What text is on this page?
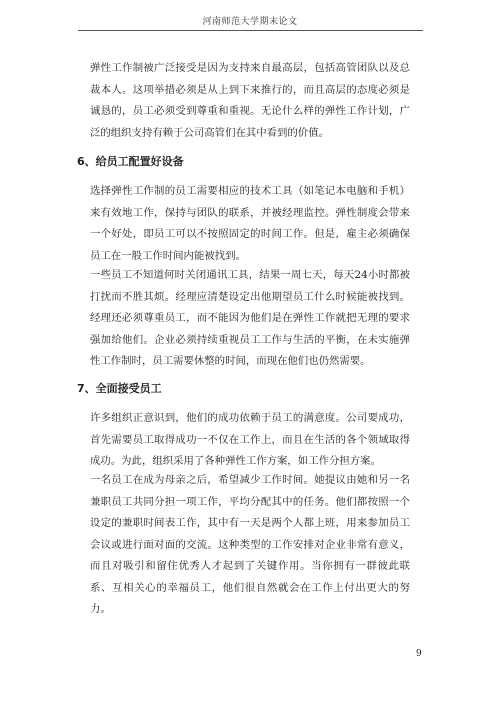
河南师范大学期末论文

弹性工作制被广泛接受是因为支持来自最高层，包括高管团队以及总裁本人。这项举措必须是从上到下来推行的，而且高层的态度必须是诚恳的，员工必须受到尊重和重视。无论什么样的弹性工作计划，广泛的组织支持有赖于公司高管们在其中看到的价值。

6、给员工配置好设备

选择弹性工作制的员工需要相应的技术工具（如笔记本电脑和手机）来有效地工作，保持与团队的联系，并被经理监控。弹性制度会带来一个好处，即员工可以不按照固定的时间工作。但是，雇主必须确保员工在一般工作时间内能被找到。

一些员工不知道何时关闭通讯工具，结果一周七天，每天24小时都被打扰而不胜其烦。经理应清楚设定出他期望员工什么时候能被找到。经理还必须尊重员工，而不能因为他们是在弹性工作就把无理的要求强加给他们。企业必须持续重视员工工作与生活的平衡，在未实施弹性工作制时，员工需要休整的时间，而现在他们也仍然需要。

7、全面接受员工

许多组织正意识到，他们的成功依赖于员工的满意度。公司要成功，首先需要员工取得成功一不仅在工作上，而且在生活的各个领域取得成功。为此，组织采用了各种弹性工作方案，如工作分担方案。

一名员工在成为母亲之后，希望减少工作时间。她提议由她和另一名兼职员工共同分担一项工作，平均分配其中的任务。他们都按照一个设定的兼职时间表工作，其中有一天是两个人都上班，用来参加员工会议或进行面对面的交流。这种类型的工作安排对企业非常有意义，而且对吸引和留住优秀人才起到了关键作用。当你拥有一群彼此联系、互相关心的幸福员工，他们很自然就会在工作上付出更大的努力。

9
